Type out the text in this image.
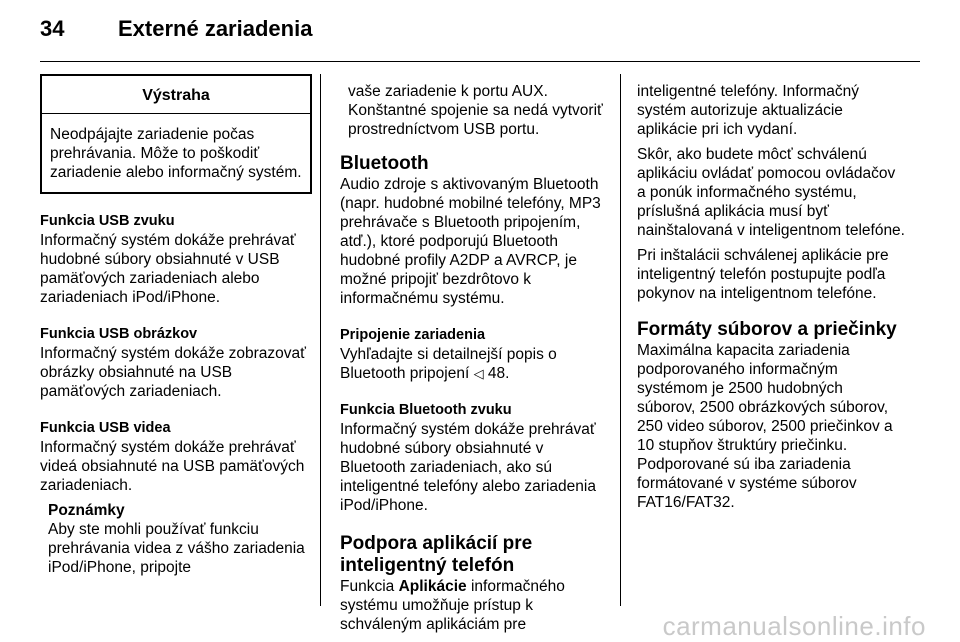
34	Externé zariadenia
Výstraha
Neodpájajte zariadenie počas prehrávania. Môže to poškodiť zariadenie alebo informačný systém.
Funkcia USB zvuku
Informačný systém dokáže prehrávať hudobné súbory obsiahnuté v USB pamäťových zariadeniach alebo zariadeniach iPod/iPhone.
Funkcia USB obrázkov
Informačný systém dokáže zobrazovať obrázky obsiahnuté na USB pamäťových zariadeniach.
Funkcia USB videa
Informačný systém dokáže prehrávať videá obsiahnuté na USB pamäťových zariadeniach.
Poznámky
Aby ste mohli používať funkciu prehrávania videa z vášho zariadenia iPod/iPhone, pripojte
vaše zariadenie k portu AUX. Konštantné spojenie sa nedá vytvoriť prostredníctvom USB portu.
Bluetooth
Audio zdroje s aktivovaným Bluetooth (napr. hudobné mobilné telefóny, MP3 prehrávače s Bluetooth pripojením, atď.), ktoré podporujú Bluetooth hudobné profily A2DP a AVRCP, je možné pripojiť bezdrôtovo k informačnému systému.
Pripojenie zariadenia
Vyhľadajte si detailnejší popis o Bluetooth pripojení ◁ 48.
Funkcia Bluetooth zvuku
Informačný systém dokáže prehrávať hudobné súbory obsiahnuté v Bluetooth zariadeniach, ako sú inteligentné telefóny alebo zariadenia iPod/iPhone.
Podpora aplikácií pre
inteligentný telefón
Funkcia Aplikácie informačného systému umožňuje prístup k schváleným aplikáciám pre
inteligentné telefóny. Informačný systém autorizuje aktualizácie aplikácie pri ich vydaní.
Skôr, ako budete môcť schválenú aplikáciu ovládať pomocou ovládačov a ponúk informačného systému, príslušná aplikácia musí byť nainštalovaná v inteligentnom telefóne.
Pri inštalácii schválenej aplikácie pre inteligentný telefón postupujte podľa pokynov na inteligentnom telefóne.
Formáty súborov a priečinky
Maximálna kapacita zariadenia podporovaného informačným systémom je 2500 hudobných súborov, 2500 obrázkových súborov, 250 video súborov, 2500 priečinkov a 10 stupňov štruktúry priečinku.
Podporované sú iba zariadenia formátované v systéme súborov FAT16/FAT32.
carmanualsonline.info
